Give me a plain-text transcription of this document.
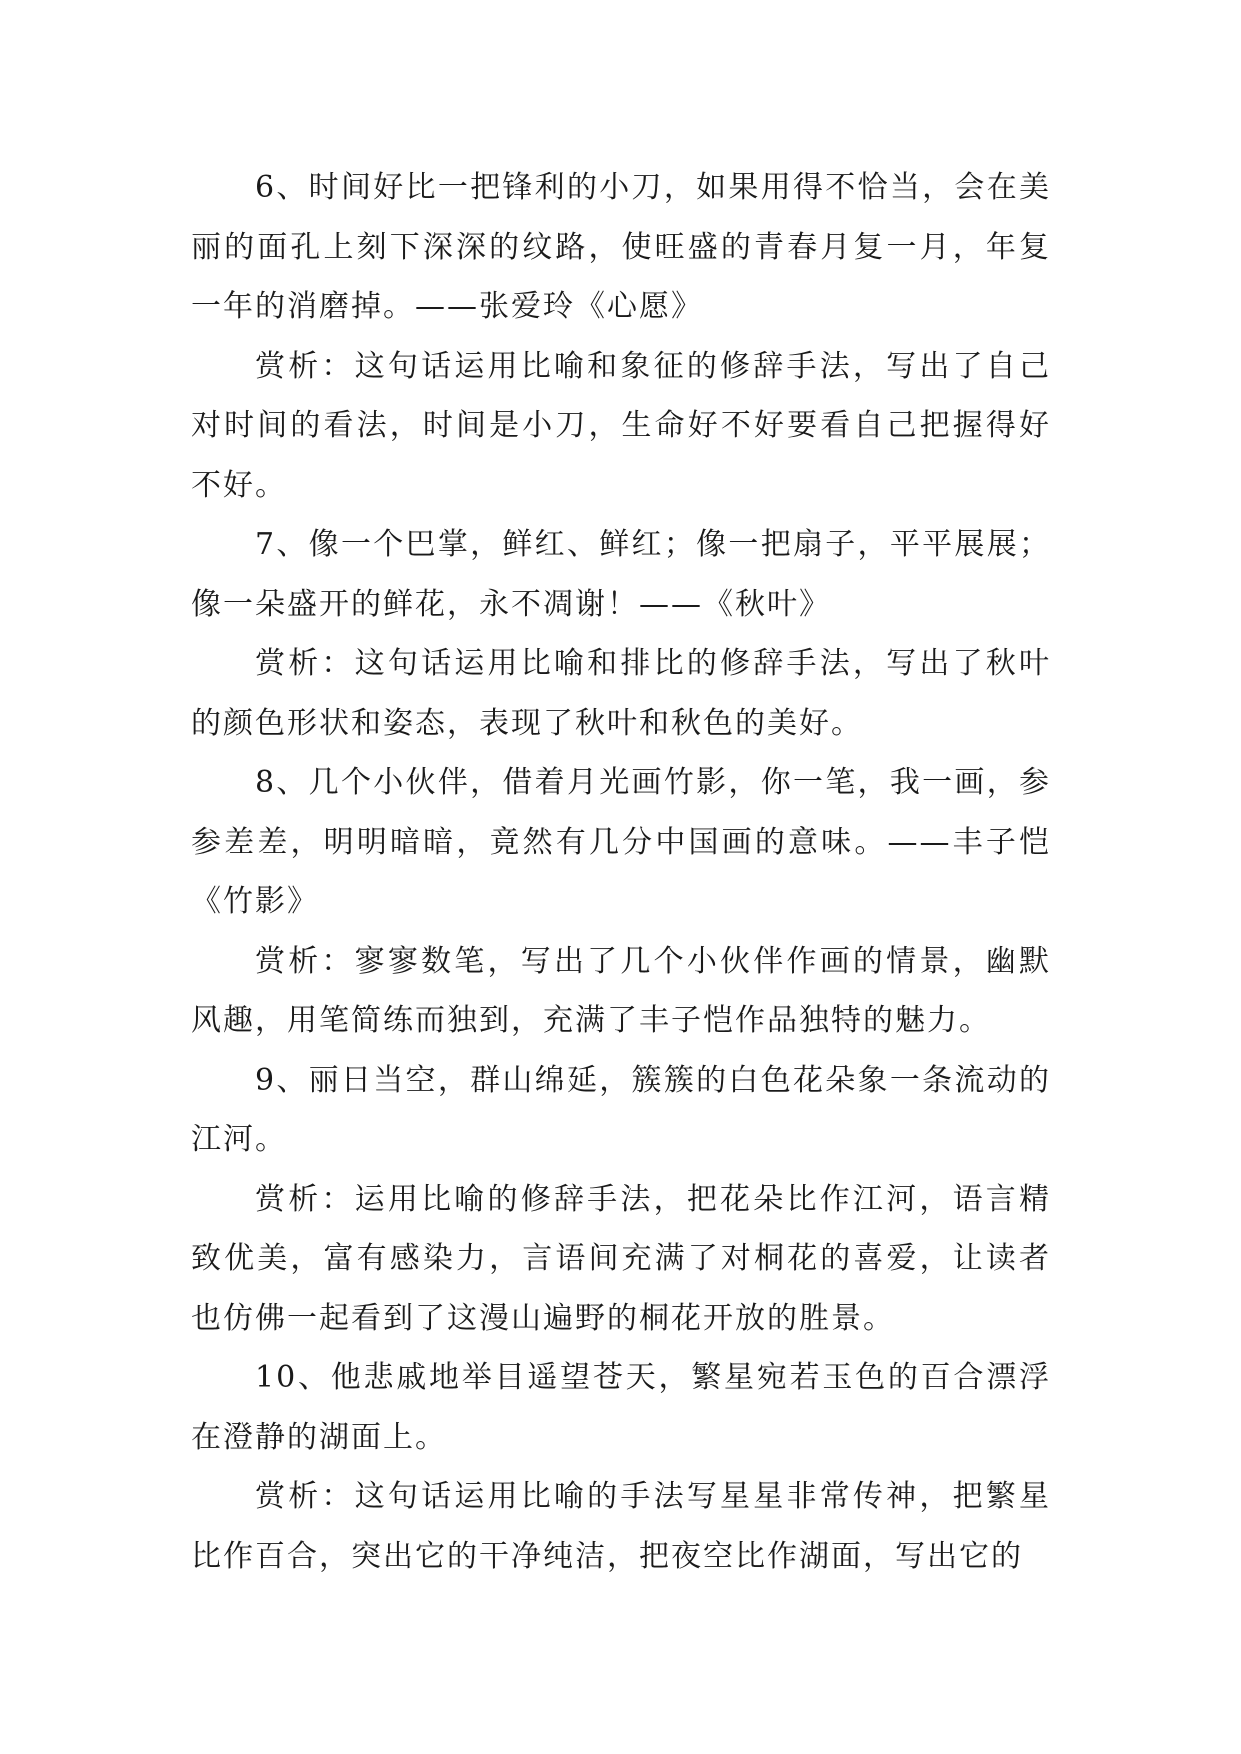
6、时间好比一把锋利的小刀，如果用得不恰当，会在美丽的面孔上刻下深深的纹路，使旺盛的青春月复一月，年复一年的消磨掉。——张爱玲《心愿》

赏析：这句话运用比喻和象征的修辞手法，写出了自己对时间的看法，时间是小刀，生命好不好要看自己把握得好不好。

7、像一个巴掌，鲜红、鲜红；像一把扇子，平平展展；像一朵盛开的鲜花，永不凋谢！——《秋叶》

赏析：这句话运用比喻和排比的修辞手法，写出了秋叶的颜色形状和姿态，表现了秋叶和秋色的美好。

8、几个小伙伴，借着月光画竹影，你一笔，我一画，参参差差，明明暗暗，竟然有几分中国画的意味。——丰子恺《竹影》

赏析：寥寥数笔，写出了几个小伙伴作画的情景，幽默风趣，用笔简练而独到，充满了丰子恺作品独特的魅力。

9、丽日当空，群山绵延，簇簇的白色花朵象一条流动的江河。

赏析：运用比喻的修辞手法，把花朵比作江河，语言精致优美，富有感染力，言语间充满了对桐花的喜爱，让读者也仿佛一起看到了这漫山遍野的桐花开放的胜景。

10、他悲戚地举目遥望苍天，繁星宛若玉色的百合漂浮在澄静的湖面上。

赏析：这句话运用比喻的手法写星星非常传神，把繁星比作百合，突出它的干净纯洁，把夜空比作湖面，写出它的
